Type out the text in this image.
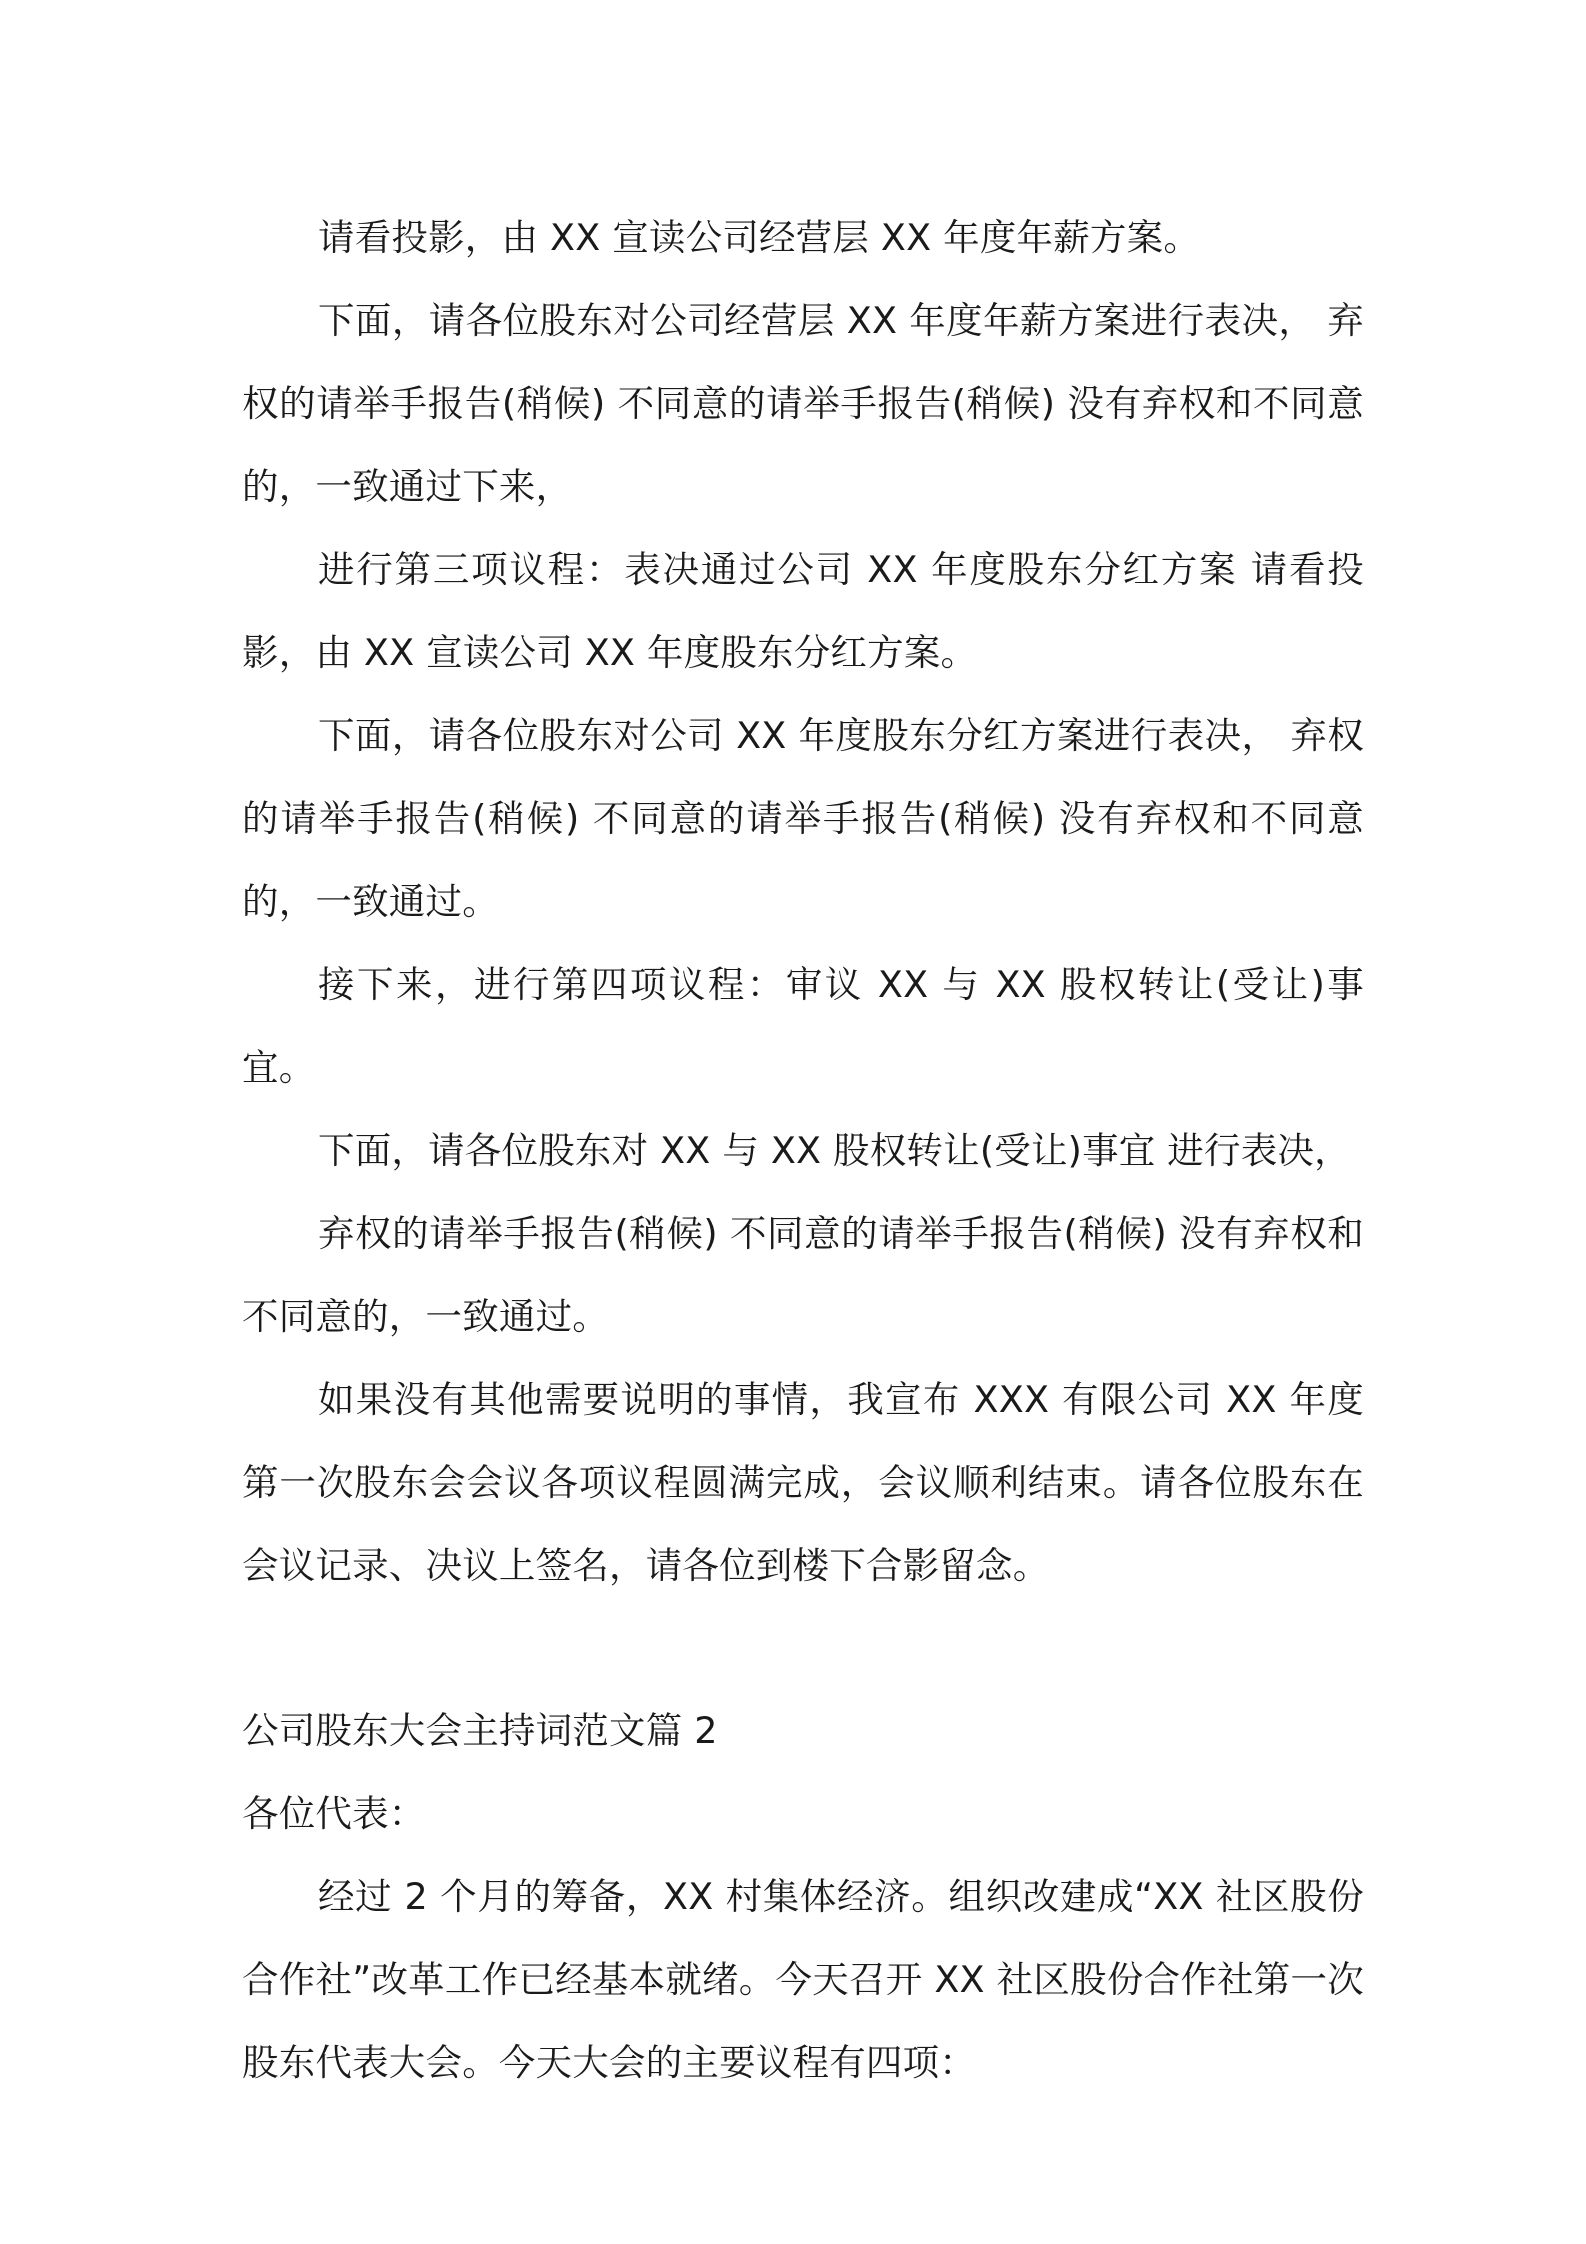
请看投影，由 XX 宣读公司经营层 XX 年度年薪方案。

下面，请各位股东对公司经营层 XX 年度年薪方案进行表决， 弃权的请举手报告(稍候) 不同意的请举手报告(稍候) 没有弃权和不同意的，一致通过下来，

进行第三项议程：表决通过公司 XX 年度股东分红方案 请看投影，由 XX 宣读公司 XX 年度股东分红方案。

下面，请各位股东对公司 XX 年度股东分红方案进行表决， 弃权的请举手报告(稍候) 不同意的请举手报告(稍候) 没有弃权和不同意的，一致通过。

接下来，进行第四项议程：审议 XX 与 XX 股权转让(受让)事宜。

下面，请各位股东对 XX 与 XX 股权转让(受让)事宜 进行表决，

弃权的请举手报告(稍候) 不同意的请举手报告(稍候) 没有弃权和不同意的，一致通过。

如果没有其他需要说明的事情，我宣布 XXX 有限公司 XX 年度第一次股东会会议各项议程圆满完成，会议顺利结束。请各位股东在会议记录、决议上签名，请各位到楼下合影留念。

公司股东大会主持词范文篇 2

各位代表：

经过 2 个月的筹备，XX 村集体经济。组织改建成“XX 社区股份合作社”改革工作已经基本就绪。今天召开 XX 社区股份合作社第一次股东代表大会。今天大会的主要议程有四项：
